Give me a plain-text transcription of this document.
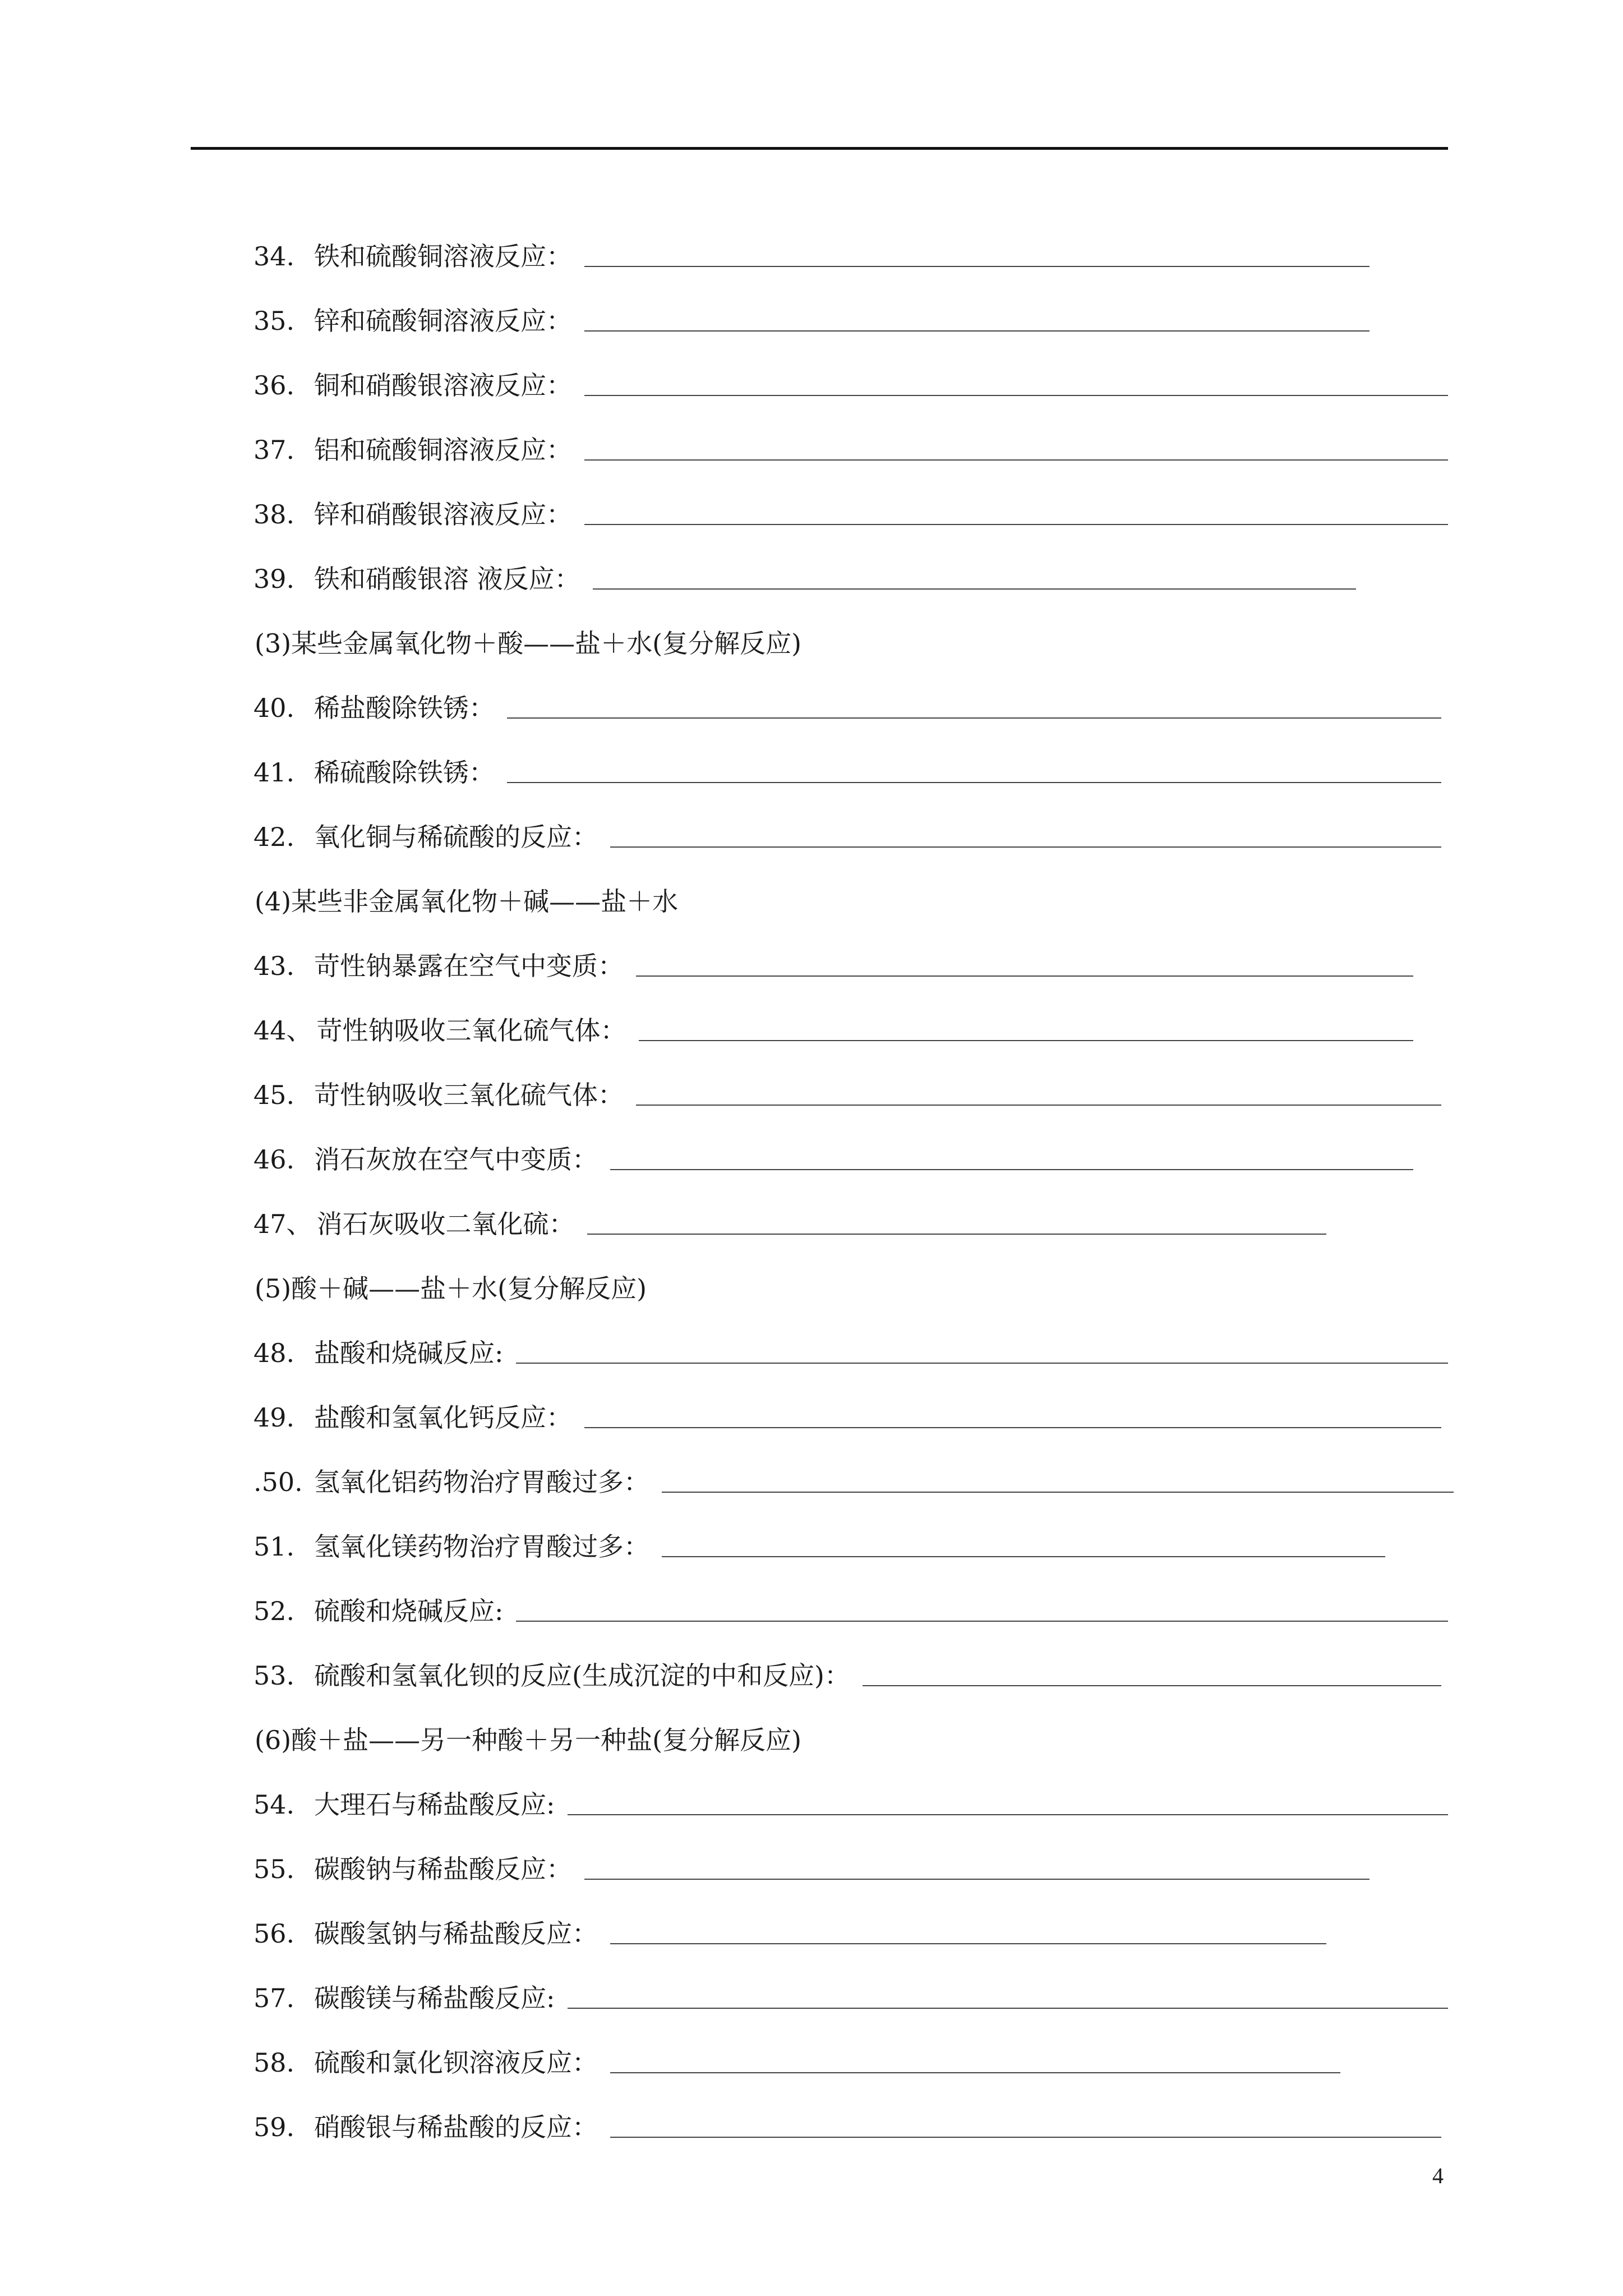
34. 铁和硫酸铜溶液反应：
35. 锌和硫酸铜溶液反应：
36. 铜和硝酸银溶液反应：
37. 铝和硫酸铜溶液反应：
38. 锌和硝酸银溶液反应：
39. 铁和硝酸银溶 液反应：
(3)某些金属氧化物＋酸——盐＋水(复分解反应)
40. 稀盐酸除铁锈：
41. 稀硫酸除铁锈：
42. 氧化铜与稀硫酸的反应：
(4)某些非金属氧化物＋碱——盐＋水
43. 苛性钠暴露在空气中变质：
44、 苛性钠吸收三氧化硫气体：
45. 苛性钠吸收三氧化硫气体：
46. 消石灰放在空气中变质：
47、 消石灰吸收二氧化硫：
(5)酸＋碱——盐＋水(复分解反应)
48. 盐酸和烧碱反应:
49. 盐酸和氢氧化钙反应：
.50. 氢氧化铝药物治疗胃酸过多：
51. 氢氧化镁药物治疗胃酸过多：
52. 硫酸和烧碱反应:
53. 硫酸和氢氧化钡的反应(生成沉淀的中和反应)：
(6)酸＋盐——另一种酸＋另一种盐(复分解反应)
54. 大理石与稀盐酸反应:
55. 碳酸钠与稀盐酸反应：
56. 碳酸氢钠与稀盐酸反应：
57. 碳酸镁与稀盐酸反应:
58. 硫酸和氯化钡溶液反应：
59. 硝酸银与稀盐酸的反应：
4
